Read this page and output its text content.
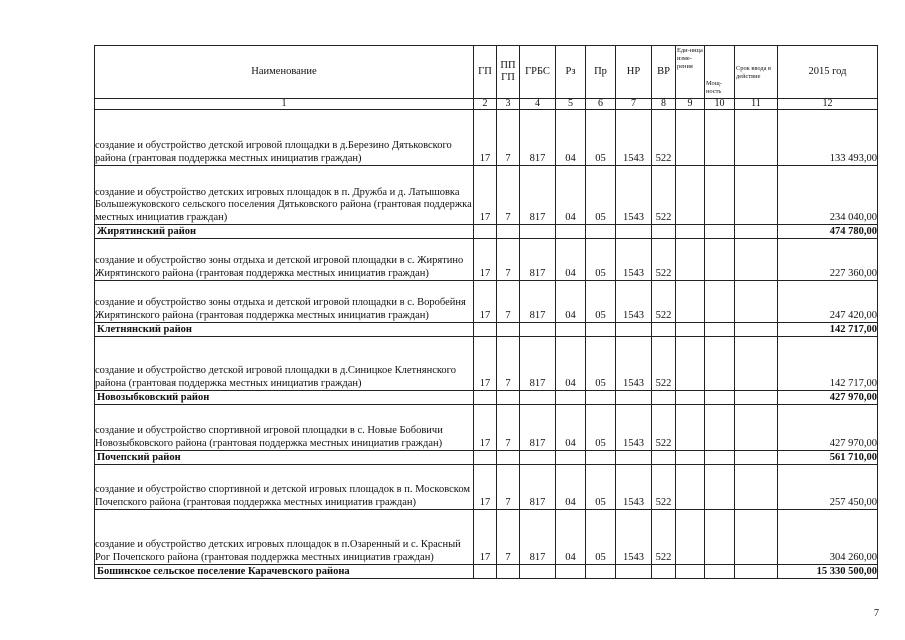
Наименование	ГП	ПП ГП	ГРБС	Рз	Пр	НР	ВР	Еди-ница изме-рения	Мощ-ность	Срок ввода в действие	2015 год
1	2	3	4	5	6	7	8	9	10	11	12
создание и обустройство детской игровой площадки в д.Березино Дятьковского района (грантовая поддержка местных инициатив граждан)	17	7	817	04	05	1543	522				133 493,00
создание и обустройство детских игровых площадок в п. Дружба и д. Латышовка Большежуковского сельского поселения Дятьковского района (грантовая поддержка местных инициатив граждан)	17	7	817	04	05	1543	522				234 040,00
Жирятинский район											474 780,00
создание и обустройство зоны отдыха и детской игровой площадки в с. Жирятино Жирятинского района (грантовая поддержка местных инициатив граждан)	17	7	817	04	05	1543	522				227 360,00
создание и обустройство зоны отдыха и детской игровой площадки в с. Воробейня Жирятинского района (грантовая поддержка местных инициатив граждан)	17	7	817	04	05	1543	522				247 420,00
Клетнянский район											142 717,00
создание и обустройство детской игровой площадки в д.Синицкое Клетнянского района (грантовая поддержка местных инициатив граждан)	17	7	817	04	05	1543	522				142 717,00
Новозыбковский район											427 970,00
создание и обустройство спортивной игровой площадки в с. Новые Бобовичи Новозыбковского района (грантовая поддержка местных инициатив граждан)	17	7	817	04	05	1543	522				427 970,00
Почепский район											561 710,00
создание и обустройство спортивной и детской игровых площадок в п. Московском Почепского района (грантовая поддержка местных инициатив граждан)	17	7	817	04	05	1543	522				257 450,00
создание и обустройство детских игровых площадок в п.Озаренный и с. Красный Рог Почепского района (грантовая поддержка местных инициатив граждан)	17	7	817	04	05	1543	522				304 260,00
Бошинское сельское поселение Карачевского района											15 330 500,00
7
